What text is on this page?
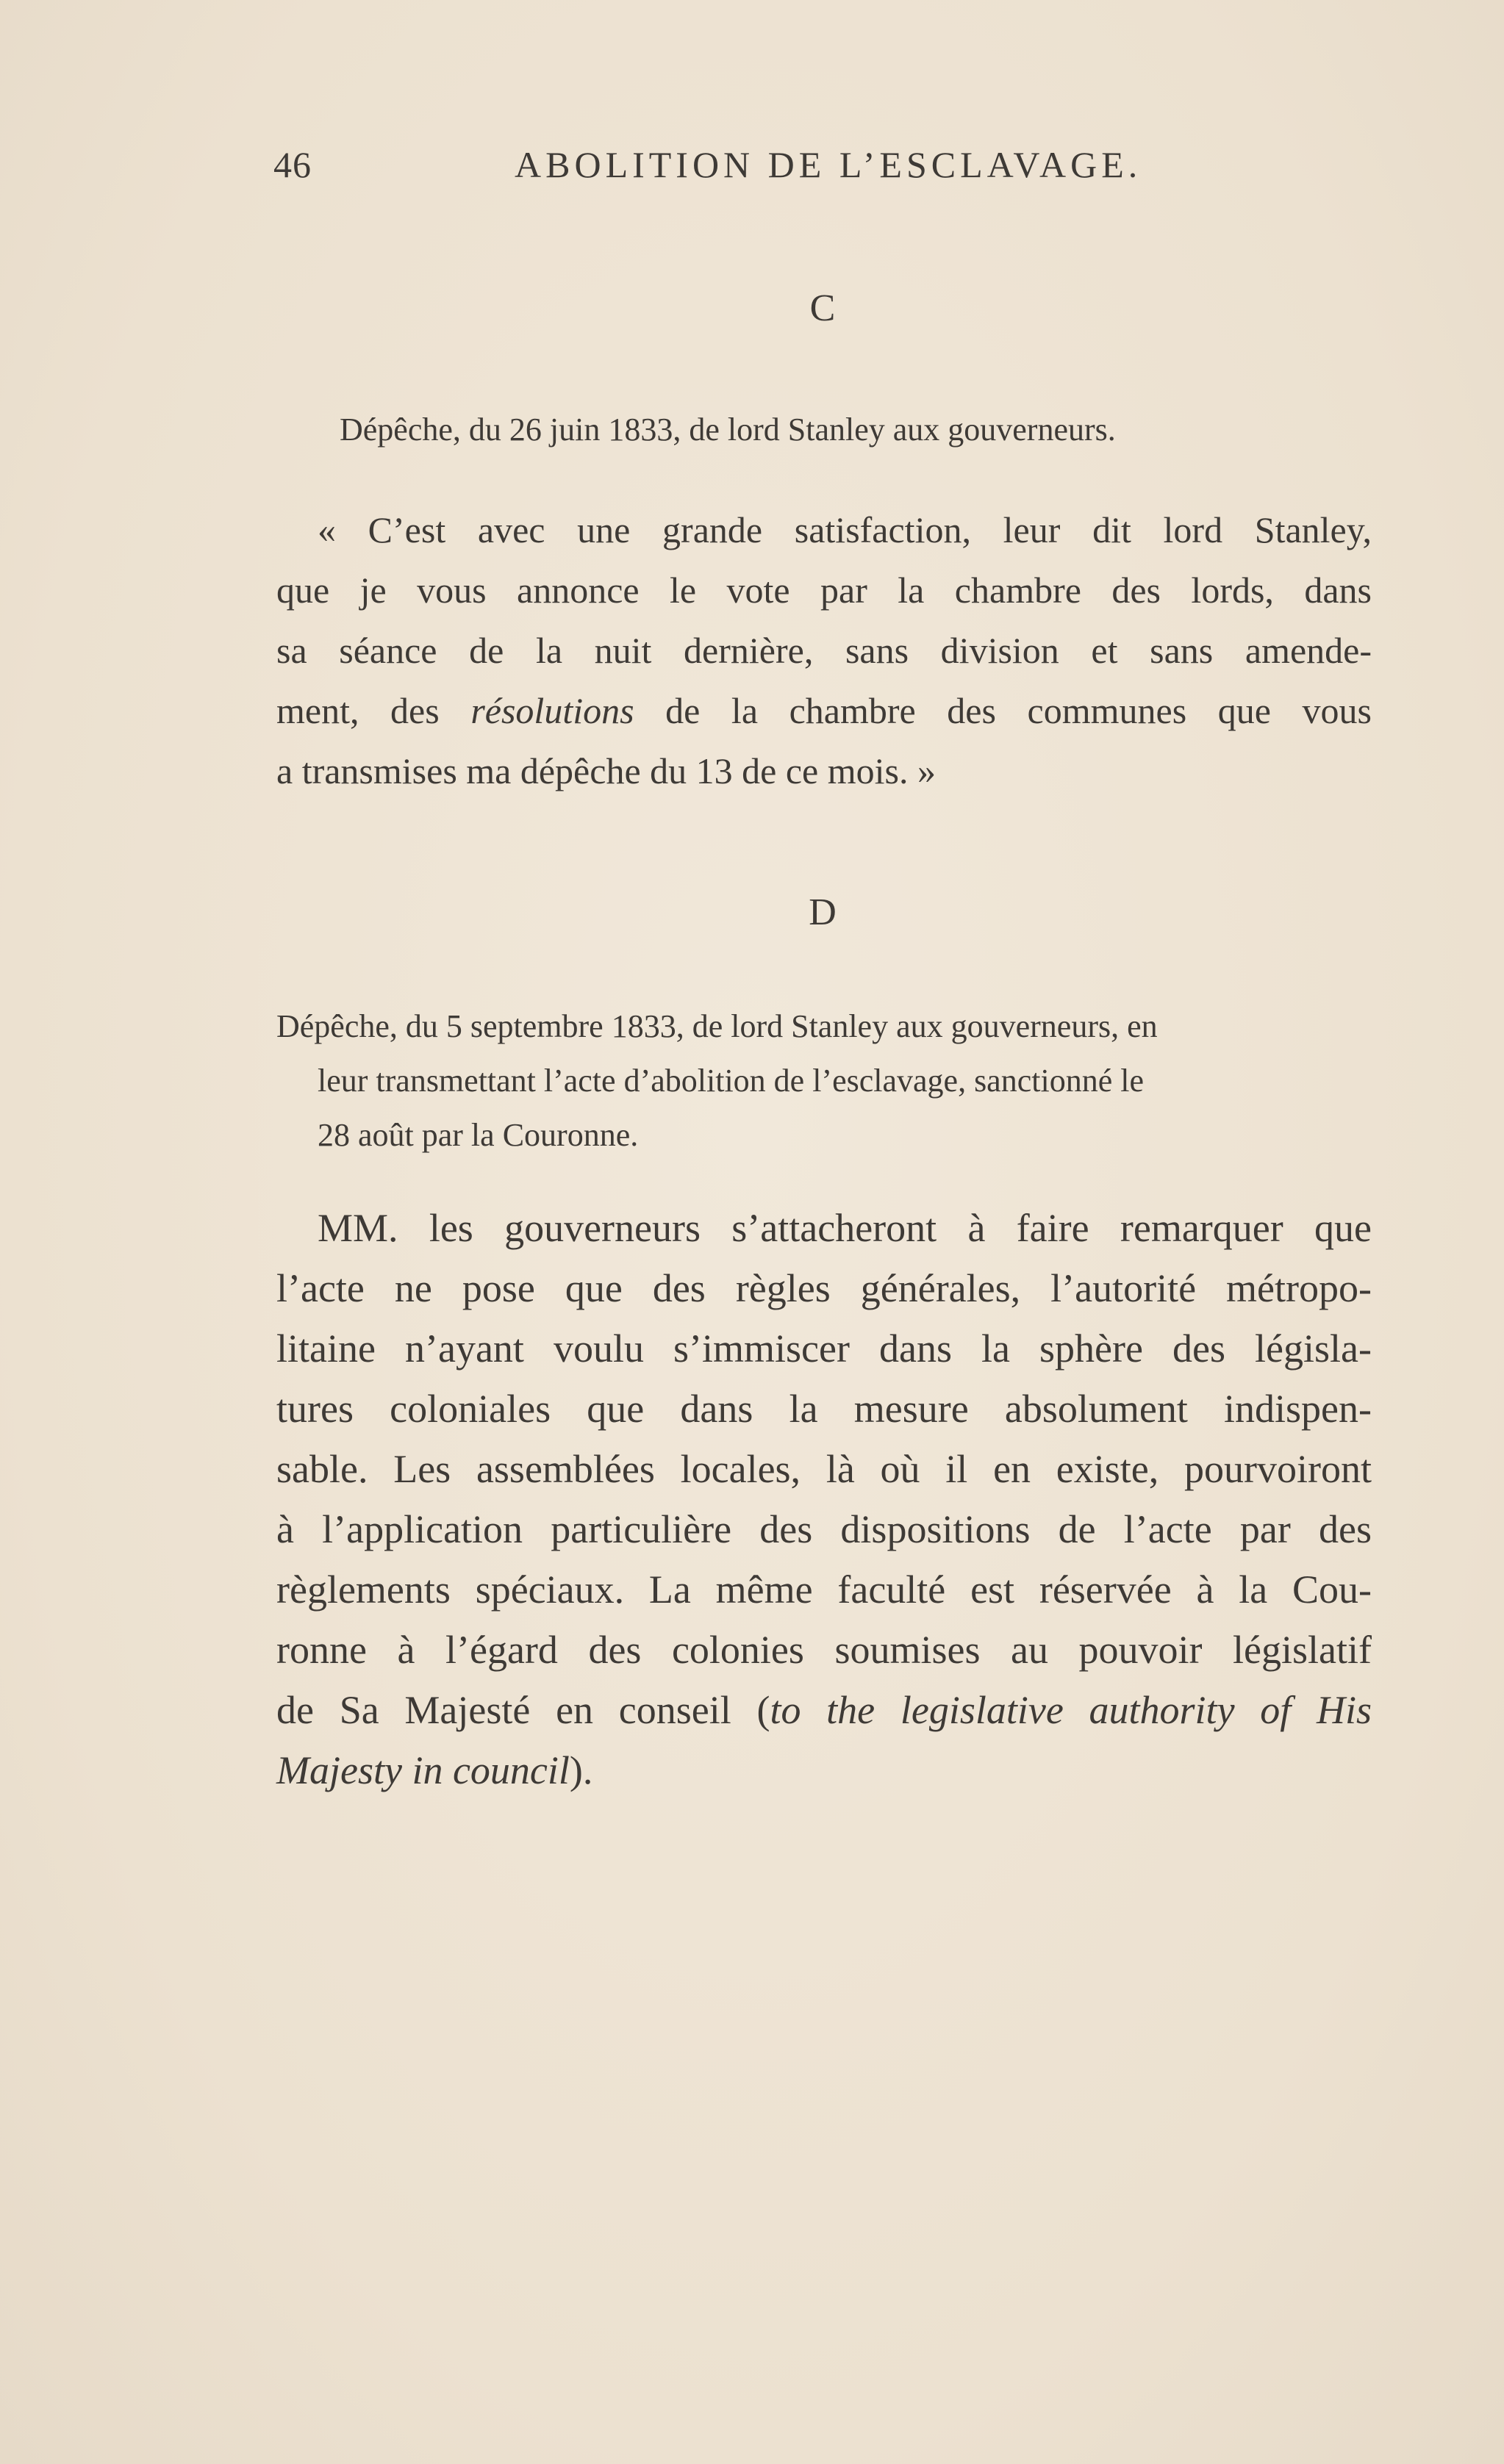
46	ABOLITION DE L’ESCLAVAGE.
C
Dépêche, du 26 juin 1833, de lord Stanley aux gouverneurs.
« C’est avec une grande satisfaction, leur dit lord Stanley,
que je vous annonce le vote par la chambre des lords, dans
sa séance de la nuit dernière, sans division et sans amende-
ment, des résolutions de la chambre des communes que vous
a transmises ma dépêche du 13 de ce mois. »
D
Dépêche, du 5 septembre 1833, de lord Stanley aux gouverneurs, en
leur transmettant l’acte d’abolition de l’esclavage, sanctionné le
28 août par la Couronne.
MM. les gouverneurs s’attacheront à faire remarquer que
l’acte ne pose que des règles générales, l’autorité métropo-
litaine n’ayant voulu s’immiscer dans la sphère des législa-
tures coloniales que dans la mesure absolument indispen-
sable. Les assemblées locales, là où il en existe, pourvoiront
à l’application particulière des dispositions de l’acte par des
règlements spéciaux. La même faculté est réservée à la Cou-
ronne à l’égard des colonies soumises au pouvoir législatif
de Sa Majesté en conseil (to the legislative authority of His
Majesty in council).
